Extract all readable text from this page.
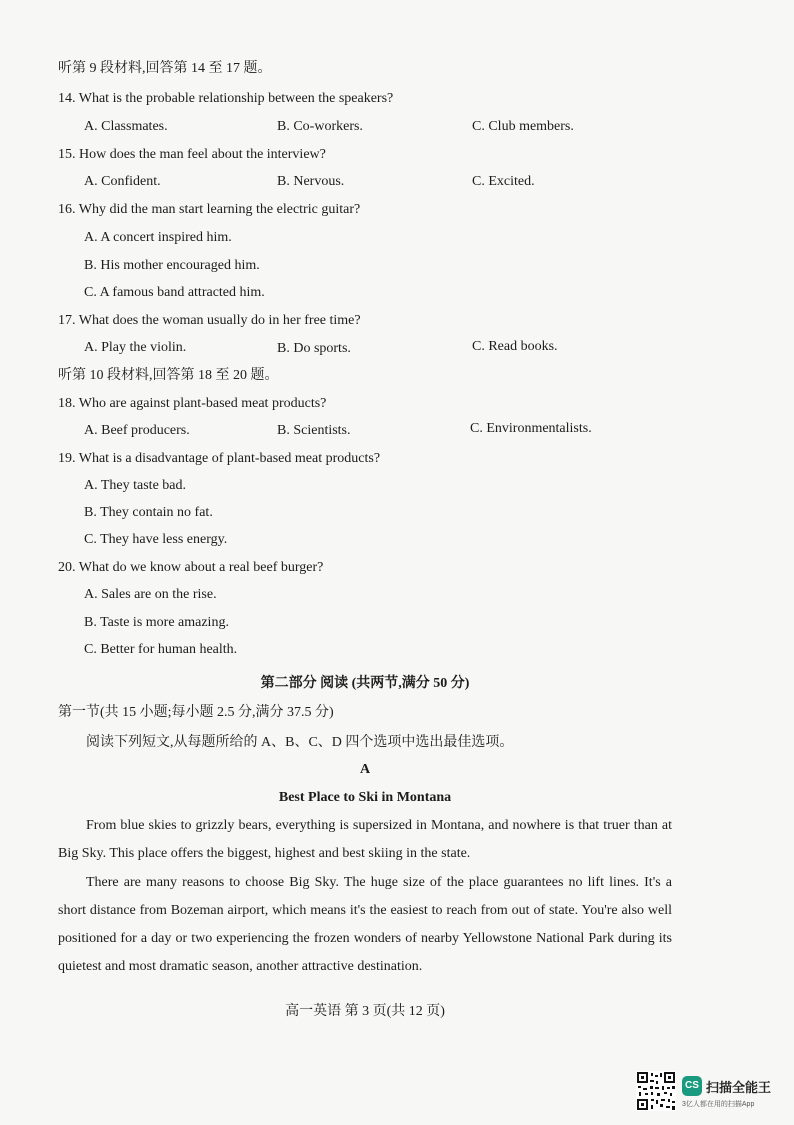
听第 9 段材料,回答第 14 至 17 题。
14. What is the probable relationship between the speakers?
A. Classmates.	B. Co-workers.	C. Club members.
15. How does the man feel about the interview?
A. Confident.	B. Nervous.	C. Excited.
16. Why did the man start learning the electric guitar?
A. A concert inspired him.
B. His mother encouraged him.
C. A famous band attracted him.
17. What does the woman usually do in her free time?
A. Play the violin.	B. Do sports.	C. Read books.
听第 10 段材料,回答第 18 至 20 题。
18. Who are against plant-based meat products?
A. Beef producers.	B. Scientists.	C. Environmentalists.
19. What is a disadvantage of plant-based meat products?
A. They taste bad.
B. They contain no fat.
C. They have less energy.
20. What do we know about a real beef burger?
A. Sales are on the rise.
B. Taste is more amazing.
C. Better for human health.
第二部分 阅读 (共两节,满分 50 分)
第一节(共 15 小题;每小题 2.5 分,满分 37.5 分)
阅读下列短文,从每题所给的 A、B、C、D 四个选项中选出最佳选项。
A
Best Place to Ski in Montana
From blue skies to grizzly bears, everything is supersized in Montana, and nowhere is that truer than at Big Sky. This place offers the biggest, highest and best skiing in the state.
There are many reasons to choose Big Sky. The huge size of the place guarantees no lift lines. It's a short distance from Bozeman airport, which means it's the easiest to reach from out of state. You're also well positioned for a day or two experiencing the frozen wonders of nearby Yellowstone National Park during its quietest and most dramatic season, another attractive destination.
高一英语 第 3 页(共 12 页)
CS 扫描全能王
3亿人都在用的扫描App
